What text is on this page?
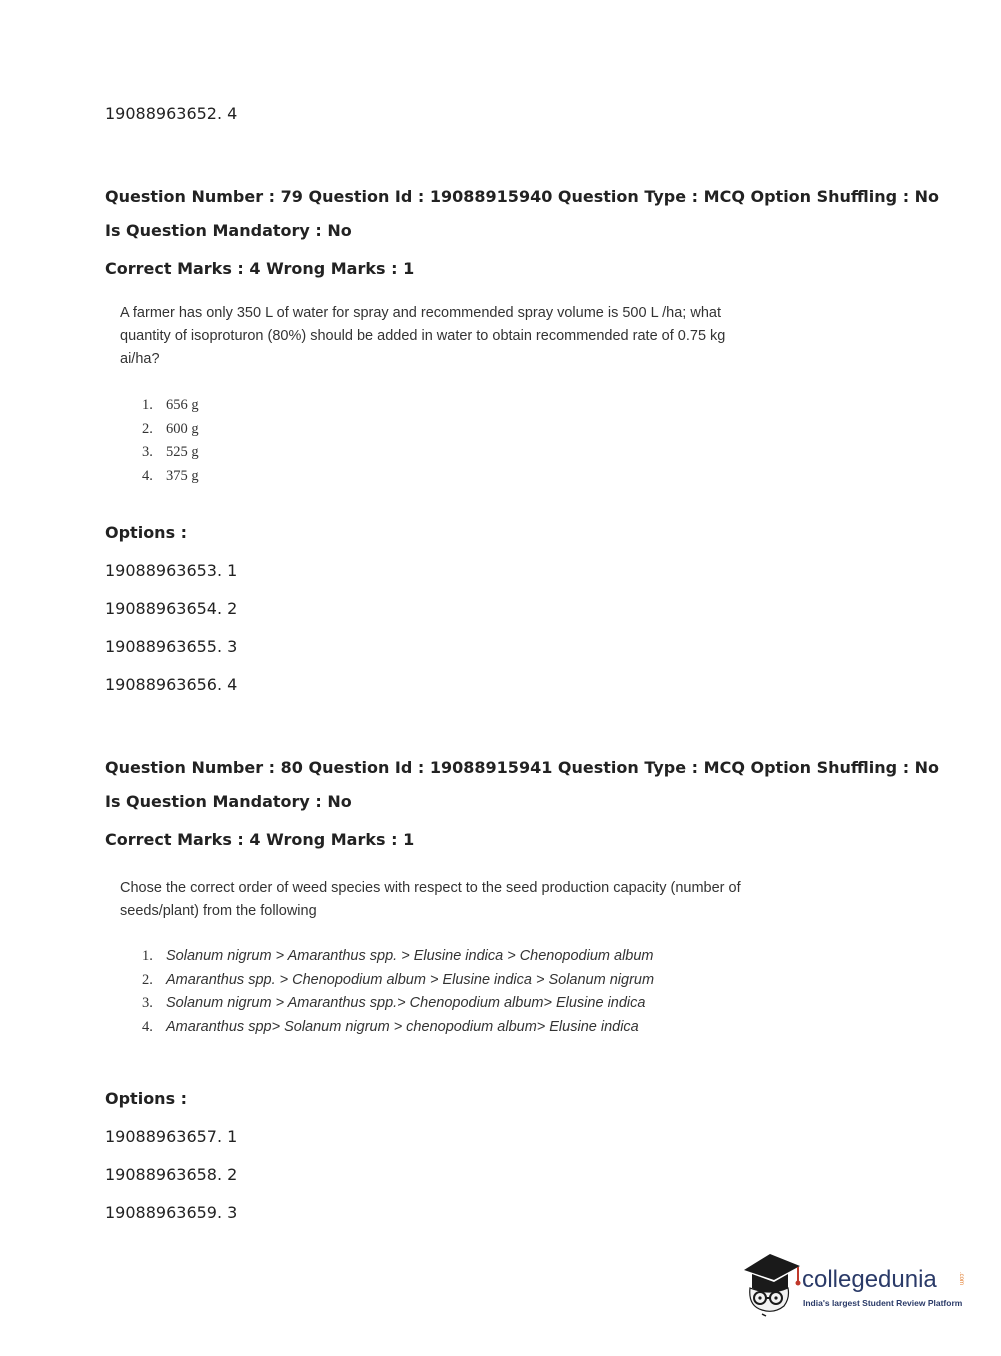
19088963652. 4
Question Number : 79 Question Id : 19088915940 Question Type : MCQ Option Shuffling : No
Is Question Mandatory : No
Correct Marks : 4 Wrong Marks : 1
A farmer has only 350 L of water for spray and recommended spray volume is 500 L /ha; what
quantity of isoproturon (80%) should be added in water to obtain recommended rate of 0.75 kg
ai/ha?
1. 656 g
2. 600 g
3. 525 g
4. 375 g
Options :
19088963653. 1
19088963654. 2
19088963655. 3
19088963656. 4
Question Number : 80 Question Id : 19088915941 Question Type : MCQ Option Shuffling : No
Is Question Mandatory : No
Correct Marks : 4 Wrong Marks : 1
Chose the correct order of weed species with respect to the seed production capacity (number of
seeds/plant) from the following
1. Solanum nigrum > Amaranthus spp. > Elusine indica > Chenopodium album
2. Amaranthus spp. > Chenopodium album > Elusine indica > Solanum nigrum
3. Solanum nigrum > Amaranthus spp.> Chenopodium album> Elusine indica
4. Amaranthus spp> Solanum nigrum > chenopodium album> Elusine indica
Options :
19088963657. 1
19088963658. 2
19088963659. 3
collegedunia	.com
India's largest Student Review Platform
